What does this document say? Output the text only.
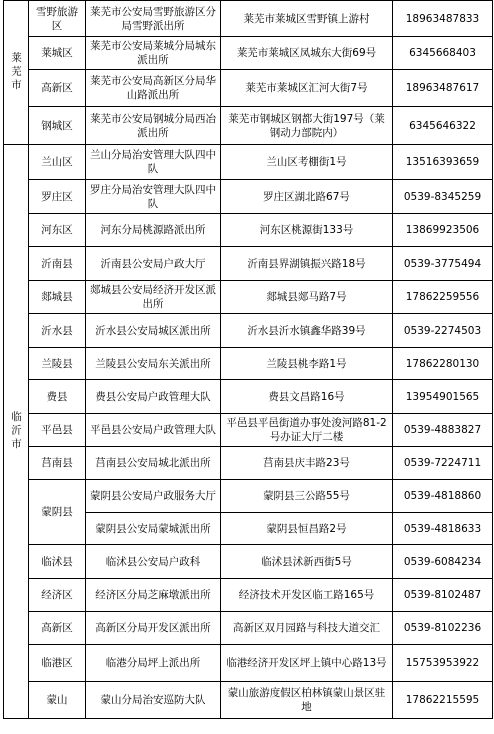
莱芜市	雪野旅游区	莱芜市公安局雪野旅游区分局雪野派出所	莱芜市莱城区雪野镇上游村	18963487833
	莱城区	莱芜市公安局莱城分局城东派出所	莱芜市莱城区凤城东大街69号	6345668403
	高新区	莱芜市公安局高新区分局华山路派出所	莱芜市莱城区汇河大街7号	18963487617
	钢城区	莱芜市公安局钢城分局西冶派出所	莱芜市钢城区钢都大街197号（莱钢动力部院内）	6345646322
临沂市	兰山区	兰山分局治安管理大队四中队	兰山区考棚街1号	13516393659
	罗庄区	罗庄分局治安管理大队四中队	罗庄区湖北路67号	0539-8345259
	河东区	河东分局桃源路派出所	河东区桃源街133号	13869923506
	沂南县	沂南县公安局户政大厅	沂南县界湖镇振兴路18号	0539-3775494
	郯城县	郯城县公安局经济开发区派出所	郯城县郯马路7号	17862259556
	沂水县	沂水县公安局城区派出所	沂水县沂水镇鑫华路39号	0539-2274503
	兰陵县	兰陵县公安局东关派出所	兰陵县桃李路1号	17862280130
	费县	费县公安局户政管理大队	费县文昌路16号	13954901565
	平邑县	平邑县公安局户政管理大队	平邑县平邑街道办事处浚河路81-2号办证大厅二楼	0539-4883827
	莒南县	莒南县公安局城北派出所	莒南县庆丰路23号	0539-7224711
	蒙阴县	蒙阴县公安局户政服务大厅	蒙阴县三公路55号	0539-4818860
		蒙阴县公安局蒙城派出所	蒙阴县恒昌路2号	0539-4818633
	临沭县	临沭县公安局户政科	临沭县沭新西街5号	0539-6084234
	经济区	经济区分局芝麻墩派出所	经济技术开发区临工路165号	0539-8102487
	高新区	高新区分局开发区派出所	高新区双月园路与科技大道交汇	0539-8102236
	临港区	临港分局坪上派出所	临港经济开发区坪上镇中心路13号	15753953922
	蒙山	蒙山分局治安巡防大队	蒙山旅游度假区柏林镇蒙山景区驻地	17862215595
